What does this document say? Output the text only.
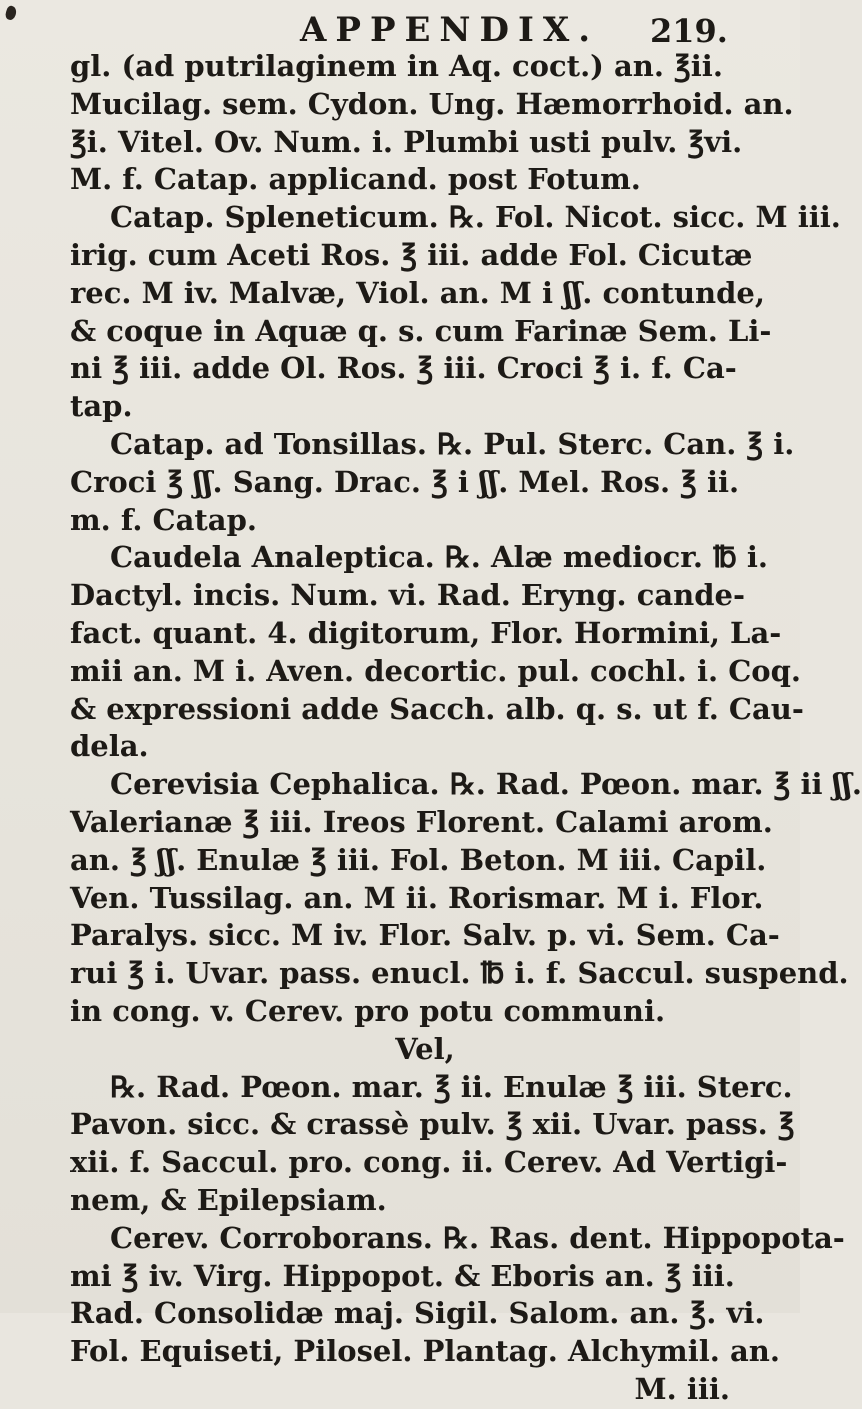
APPENDIX. 219.
gl. (ad putrilaginem in Aq. coct.) an. ℥ii.
Mucilag. sem. Cydon. Ung. Hæmorrhoid. an.
℥i. Vitel. Ov. Num. i. Plumbi usti pulv. ℥vi.
M. f. Catap. applicand. post Fotum.
Catap. Spleneticum. ℞. Fol. Nicot. sicc. M iii.
irig. cum Aceti Ros. ℥ iii. adde Fol. Cicutæ
rec. M iv. Malvæ, Viol. an. M i ʃʃ. contunde,
& coque in Aquæ q. s. cum Farinæ Sem. Li-
ni ℥ iii. adde Ol. Ros. ℥ iii. Croci ℥ i. f. Ca-
tap.
Catap. ad Tonsillas. ℞. Pul. Sterc. Can. ℥ i.
Croci ℥ ʃʃ. Sang. Drac. ℥ i ʃʃ. Mel. Ros. ℥ ii.
m. f. Catap.
Caudela Analeptica. ℞. Alæ mediocr. ℔ i.
Dactyl. incis. Num. vi. Rad. Eryng. cande-
fact. quant. 4. digitorum, Flor. Hormini, La-
mii an. M i. Aven. decortic. pul. cochl. i. Coq.
& expressioni adde Sacch. alb. q. s. ut f. Cau-
dela.
Cerevisia Cephalica. ℞. Rad. Pœon. mar. ℥ ii ʃʃ.
Valerianæ ℥ iii. Ireos Florent. Calami arom.
an. ℥ ʃʃ. Enulæ ℥ iii. Fol. Beton. M iii. Capil.
Ven. Tussilag. an. M ii. Rorismar. M i. Flor.
Paralys. sicc. M iv. Flor. Salv. p. vi. Sem. Ca-
rui ℥ i. Uvar. pass. enucl. ℔ i. f. Saccul. suspend.
in cong. v. Cerev. pro potu communi.
Vel,
℞. Rad. Pœon. mar. ℥ ii. Enulæ ℥ iii. Sterc.
Pavon. sicc. & crassè pulv. ℥ xii. Uvar. pass. ℥
xii. f. Saccul. pro. cong. ii. Cerev. Ad Vertigi-
nem, & Epilepsiam.
Cerev. Corroborans. ℞. Ras. dent. Hippopota-
mi ℥ iv. Virg. Hippopot. & Eboris an. ℥ iii.
Rad. Consolidæ maj. Sigil. Salom. an. ℥. vi.
Fol. Equiseti, Pilosel. Plantag. Alchymil. an.
M. iii.
